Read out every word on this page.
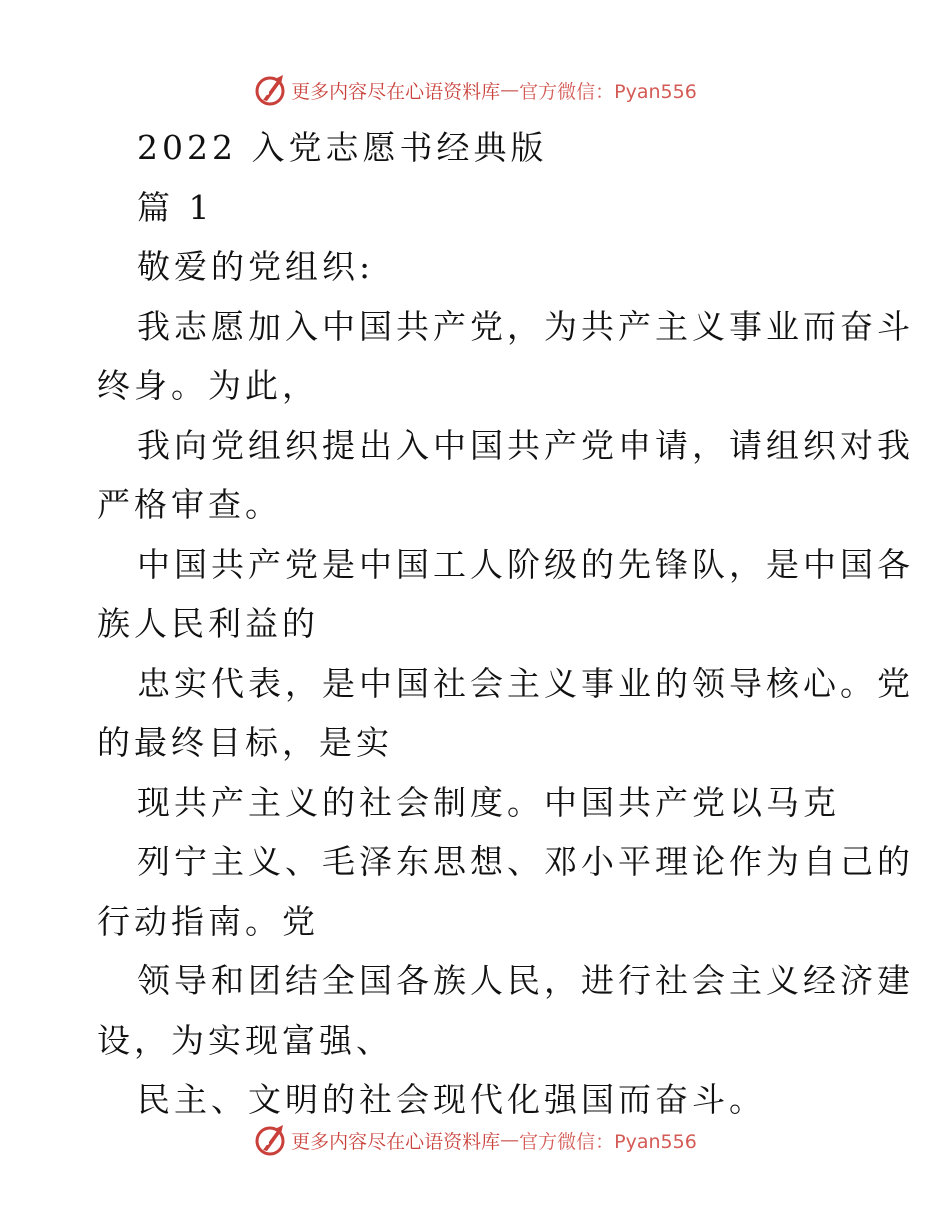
更多内容尽在心语资料库 — 官方微信：Pyan556
2022 入党志愿书经典版
篇 1
敬爱的党组织:
我志愿加入中国共产党，为共产主义事业而奋斗
终身。为此，
我向党组织提出入中国共产党申请，请组织对我
严格审查。
中国共产党是中国工人阶级的先锋队，是中国各
族人民利益的
忠实代表，是中国社会主义事业的领导核心。党
的最终目标，是实
现共产主义的社会制度。中国共产党以马克
列宁主义、毛泽东思想、邓小平理论作为自己的
行动指南。党
领导和团结全国各族人民，进行社会主义经济建
设，为实现富强、
民主、文明的社会现代化强国而奋斗。
更多内容尽在心语资料库 — 官方微信：Pyan556
